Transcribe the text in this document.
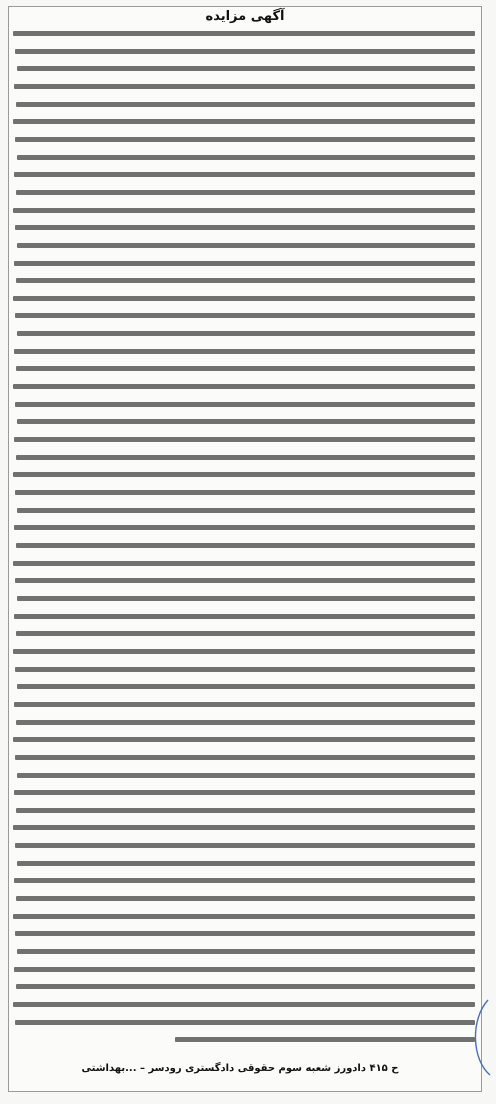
آگهی مزایده
ح ۴۱۵ دادورز شعبه سوم حقوقی دادگستری رودسر – ...بهداشتی
